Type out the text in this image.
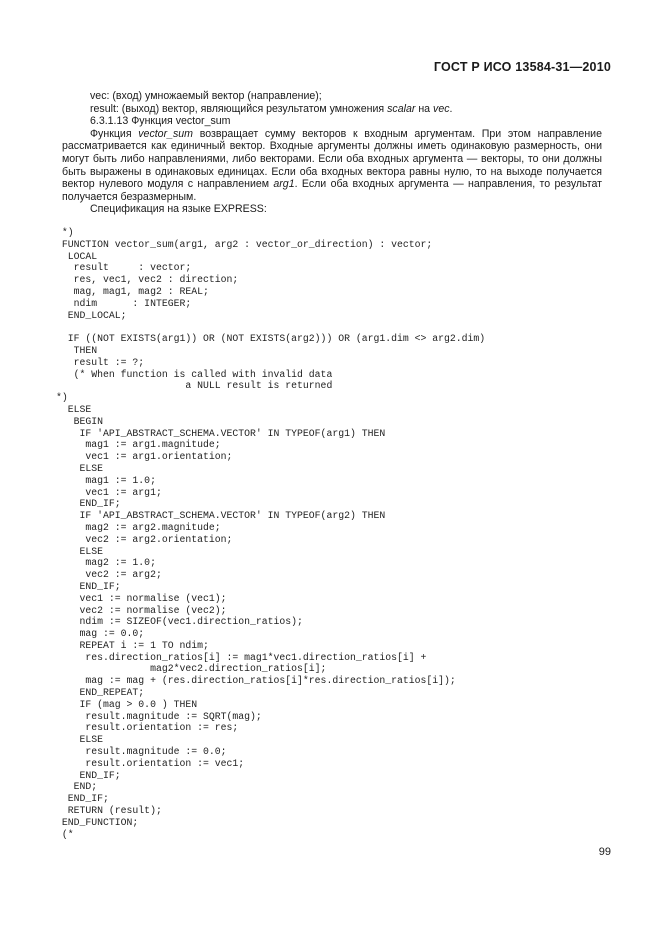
ГОСТ Р ИСО 13584-31—2010

vec: (вход) умножаемый вектор (направление);

result: (выход) вектор, являющийся результатом умножения scalar на vec.

6.3.1.13 Функция vector_sum

Функция vector_sum возвращает сумму векторов к входным аргументам. При этом направление рассматривается как единичный вектор. Входные аргументы должны иметь одинаковую размерность, они могут быть либо направлениями, либо векторами. Если оба входных аргумента — векторы, то они должны быть выражены в одинаковых единицах. Если оба входных вектора равны нулю, то на выходе получается вектор нулевого модуля с направлением arg1. Если оба входных аргумента — направления, то результат получается безразмерным.

Спецификация на языке EXPRESS:

*)
FUNCTION vector_sum(arg1, arg2 : vector_or_direction) : vector;
LOCAL
result     : vector;
res, vec1, vec2 : direction;
mag, mag1, mag2 : REAL;
ndim      : INTEGER;
END_LOCAL;

IF ((NOT EXISTS(arg1)) OR (NOT EXISTS(arg2))) OR (arg1.dim <> arg2.dim)
THEN
result := ?;
(* When function is called with invalid data
a NULL result is returned
*)
ELSE
BEGIN
IF 'API_ABSTRACT_SCHEMA.VECTOR' IN TYPEOF(arg1) THEN
mag1 := arg1.magnitude;
vec1 := arg1.orientation;
ELSE
mag1 := 1.0;
vec1 := arg1;
END_IF;
IF 'API_ABSTRACT_SCHEMA.VECTOR' IN TYPEOF(arg2) THEN
mag2 := arg2.magnitude;
vec2 := arg2.orientation;
ELSE
mag2 := 1.0;
vec2 := arg2;
END_IF;
vec1 := normalise (vec1);
vec2 := normalise (vec2);
ndim := SIZEOF(vec1.direction_ratios);
mag := 0.0;
REPEAT i := 1 TO ndim;
res.direction_ratios[i] := mag1*vec1.direction_ratios[i] +
mag2*vec2.direction_ratios[i];
mag := mag + (res.direction_ratios[i]*res.direction_ratios[i]);
END_REPEAT;
IF (mag > 0.0 ) THEN
result.magnitude := SQRT(mag);
result.orientation := res;
ELSE
result.magnitude := 0.0;
result.orientation := vec1;
END_IF;
END;
END_IF;
RETURN (result);
END_FUNCTION;
(*
99
